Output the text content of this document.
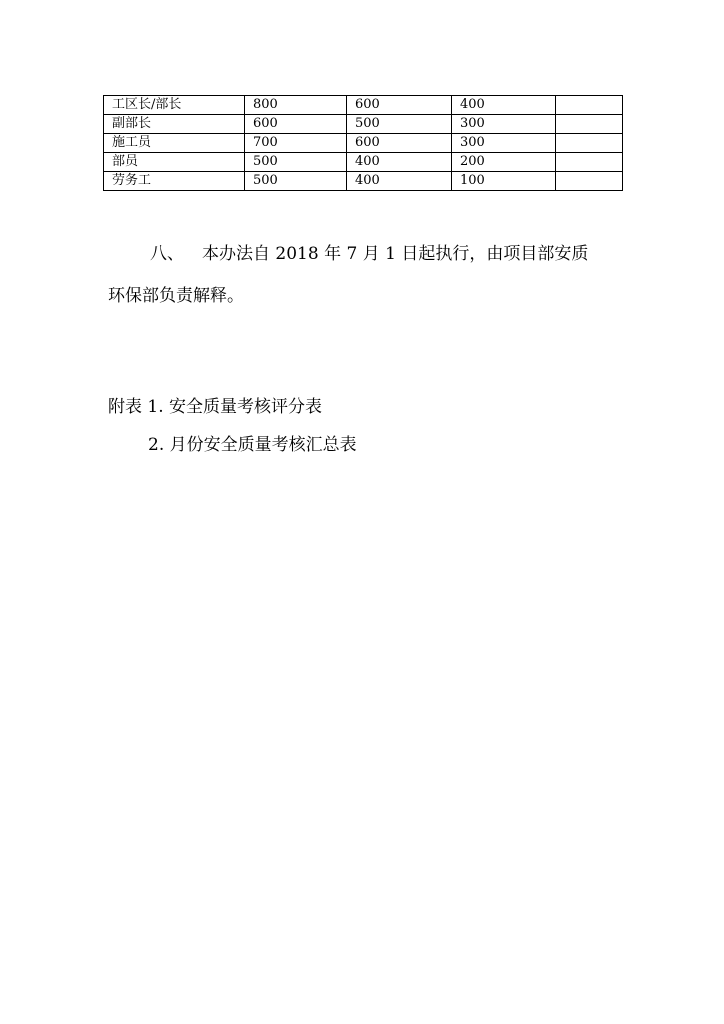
工区长/部长	800	600	400	
副部长	600	500	300	
施工员	700	600	300	
部员	500	400	200	
劳务工	500	400	100	
八、 本办法自 2018 年 7 月 1 日起执行，由项目部安质
环保部负责解释。
附表 1. 安全质量考核评分表
2. 月份安全质量考核汇总表
